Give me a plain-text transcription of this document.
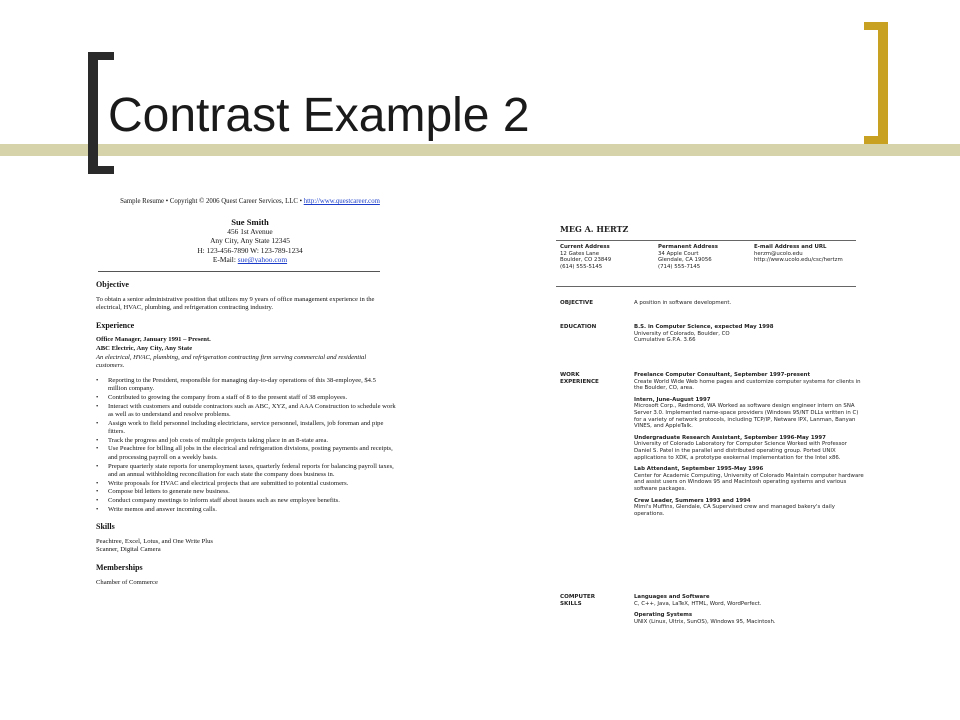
Contrast Example 2
Sample Resume • Copyright © 2006 Quest Career Services, LLC • http://www.questcareer.com
Sue Smith
456 1st Avenue
Any City, Any State 12345
H: 123-456-7890 W: 123-789-1234
E-Mail: sue@yahoo.com
Objective
To obtain a senior administrative position that utilizes my 9 years of office management experience in the electrical, HVAC, plumbing, and refrigeration contracting industry.
Experience
Office Manager, January 1991 – Present.
ABC Electric, Any City, Any State
An electrical, HVAC, plumbing, and refrigeration contracting firm serving commercial and residential customers.
• Reporting to the President, responsible for managing day-to-day operations of this 38-employee, $4.5 million company.
• Contributed to growing the company from a staff of 8 to the present staff of 38 employees.
• Interact with customers and outside contractors such as ABC, XYZ, and AAA Construction to schedule work as well as to understand and resolve problems.
• Assign work to field personnel including electricians, service personnel, installers, job foreman and pipe fitters.
• Track the progress and job costs of multiple projects taking place in an 8-state area.
• Use Peachtree for billing all jobs in the electrical and refrigeration divisions, posting payments and receipts, and processing payroll on a weekly basis.
• Prepare quarterly state reports for unemployment taxes, quarterly federal reports for balancing payroll taxes, and an annual withholding reconciliation for each state the company does business in.
• Write proposals for HVAC and electrical projects that are submitted to potential customers.
• Compose bid letters to generate new business.
• Conduct company meetings to inform staff about issues such as new employee benefits.
• Write memos and answer incoming calls.
Skills
Peachtree, Excel, Lotus, and One Write Plus
Scanner, Digital Camera
Memberships
Chamber of Commerce
MEG A. HERTZ
Current Address
12 Gates Lane
Boulder, CO 23849
(614) 555-5145
Permanent Address
34 Apple Court
Glendale, CA 19056
(714) 555-7145
E-mail Address and URL
herzm@ucolo.edu
http://www.ucolo.edu/csc/hertzm
OBJECTIVE	A position in software development.
EDUCATION	B.S. in Computer Science, expected May 1998
University of Colorado, Boulder, CO
Cumulative G.P.A. 3.66
WORK
EXPERIENCE

Freelance Computer Consultant, September 1997-present
Create World Wide Web home pages and customize computer systems for clients in the Boulder, CO, area.

Intern, June-August 1997
Microsoft Corp., Redmond, WA Worked as software design engineer intern on SNA Server 3.0. Implemented name-space providers (Windows 95/NT DLLs written in C) for a variety of network protocols, including TCP/IP, Netware IPX, Lanman, Banyan VINES, and AppleTalk.

Undergraduate Research Assistant, September 1996-May 1997
University of Colorado Laboratory for Computer Science Worked with Professor Daniel S. Patel in the parallel and distributed operating group. Ported UNIX applications to XDK, a prototype exokernal implementation for the Intel x86.

Lab Attendant, September 1995-May 1996
Center for Academic Computing, University of Colorado Maintain computer hardware and assist users on Windows 95 and Macintosh operating systems and various software packages.

Crew Leader, Summers 1993 and 1994
Mimi's Muffins, Glendale, CA Supervised crew and managed bakery's daily operations.

COMPUTER
SKILLS

Languages and Software
C, C++, Java, LaTeX, HTML, Word, WordPerfect.

Operating Systems
UNIX (Linux, Ultrix, SunOS), Windows 95, Macintosh.
